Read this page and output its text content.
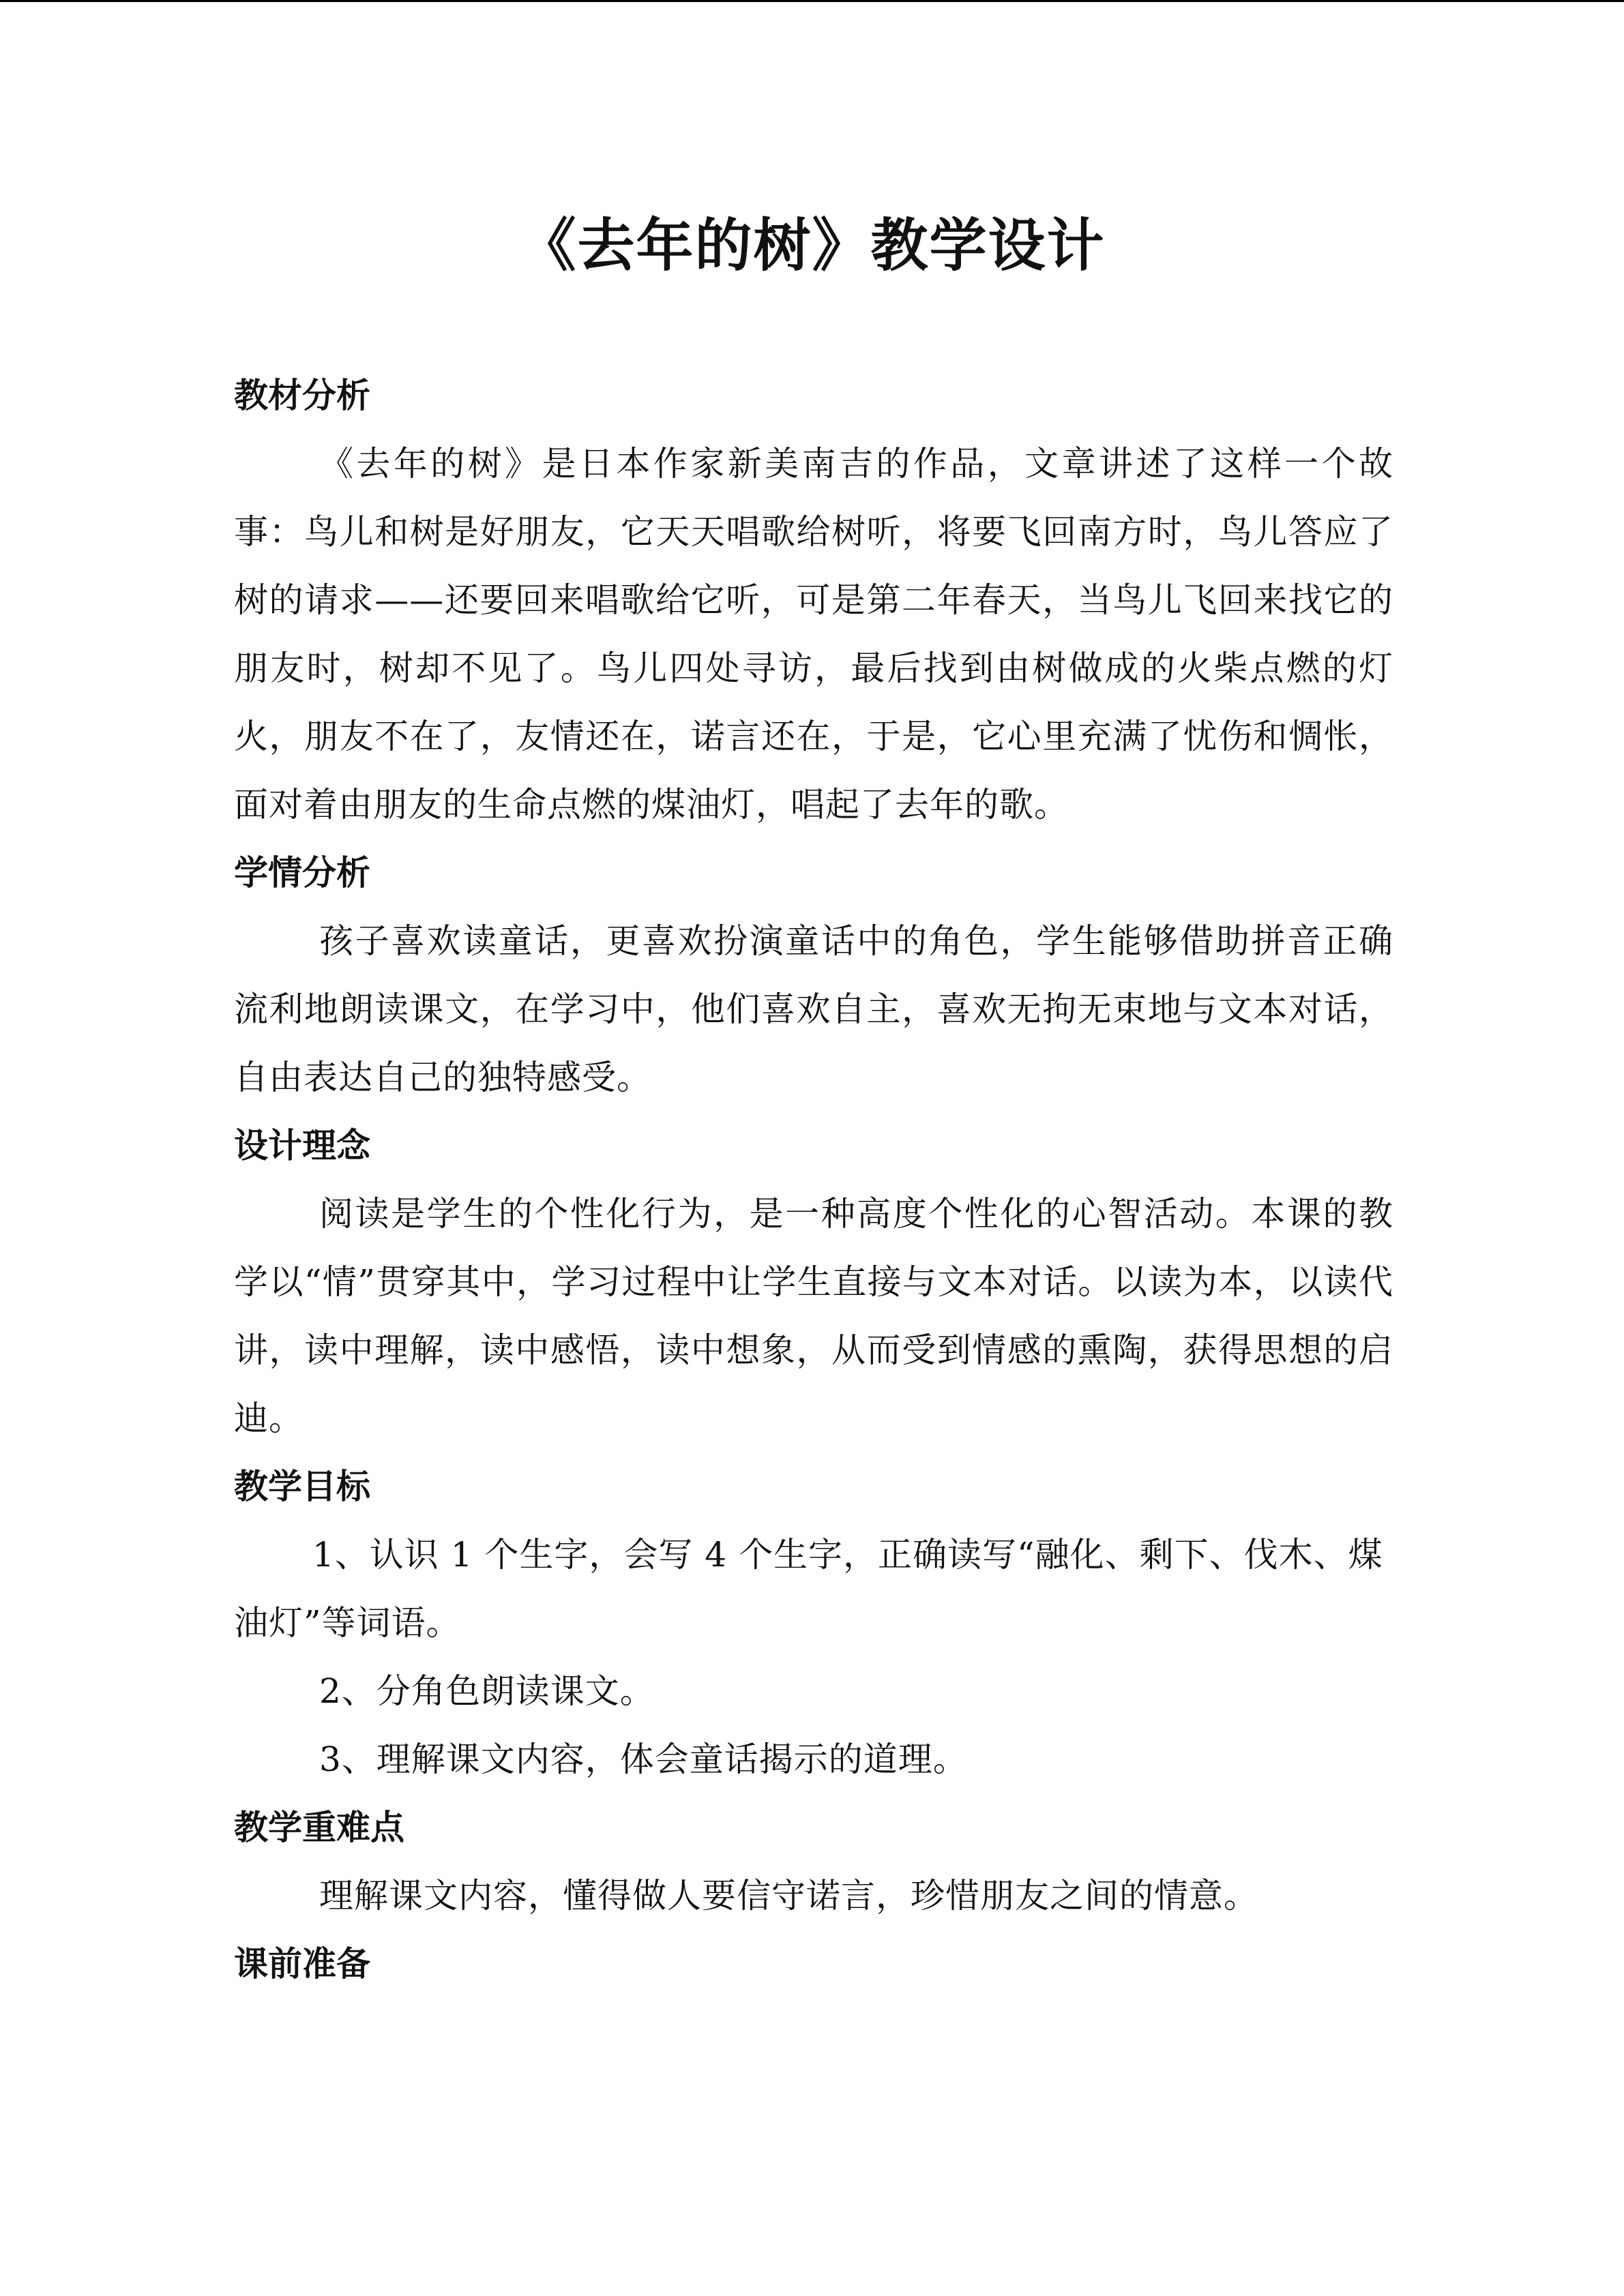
《去年的树》教学设计

教材分析

《去年的树》是日本作家新美南吉的作品，文章讲述了这样一个故事：鸟儿和树是好朋友，它天天唱歌给树听，将要飞回南方时，鸟儿答应了树的请求——还要回来唱歌给它听，可是第二年春天，当鸟儿飞回来找它的朋友时，树却不见了。鸟儿四处寻访，最后找到由树做成的火柴点燃的灯火，朋友不在了，友情还在，诺言还在，于是，它心里充满了忧伤和惆怅，面对着由朋友的生命点燃的煤油灯，唱起了去年的歌。

学情分析

孩子喜欢读童话，更喜欢扮演童话中的角色，学生能够借助拼音正确流利地朗读课文，在学习中，他们喜欢自主，喜欢无拘无束地与文本对话，自由表达自己的独特感受。

设计理念

阅读是学生的个性化行为，是一种高度个性化的心智活动。本课的教学以“情”贯穿其中，学习过程中让学生直接与文本对话。以读为本，以读代讲，读中理解，读中感悟，读中想象，从而受到情感的熏陶，获得思想的启迪。

教学目标

1、认识 1 个生字，会写 4 个生字，正确读写“融化、剩下、伐木、煤油灯”等词语。

2、分角色朗读课文。

3、理解课文内容，体会童话揭示的道理。

教学重难点

理解课文内容，懂得做人要信守诺言，珍惜朋友之间的情意。

课前准备
